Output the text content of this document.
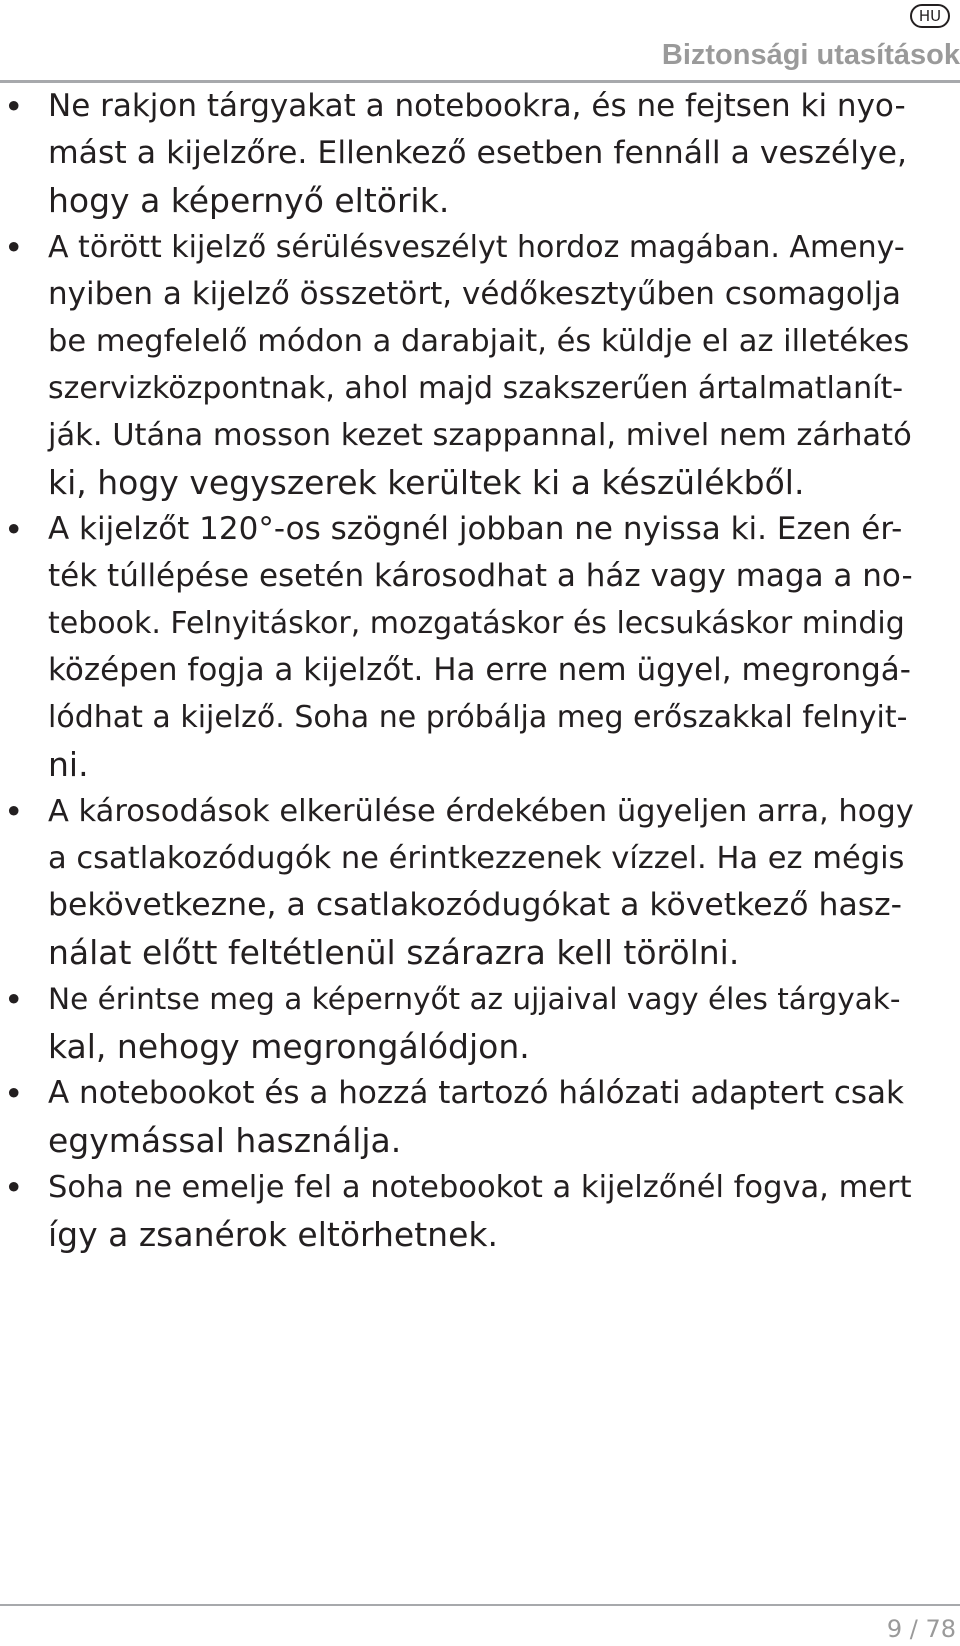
HU
Biztonsági utasítások
• Ne rakjon tárgyakat a notebookra, és ne fejtsen ki nyo-
mást a kijelzőre. Ellenkező esetben fennáll a veszélye,
hogy a képernyő eltörik.
• A törött kijelző sérülésveszélyt hordoz magában. Ameny-
nyiben a kijelző összetört, védőkesztyűben csomagolja
be megfelelő módon a darabjait, és küldje el az illetékes
szervizközpontnak, ahol majd szakszerűen ártalmatlanít-
ják. Utána mosson kezet szappannal, mivel nem zárható
ki, hogy vegyszerek kerültek ki a készülékből.
• A kijelzőt 120°-os szögnél jobban ne nyissa ki. Ezen ér-
ték túllépése esetén károsodhat a ház vagy maga a no-
tebook. Felnyitáskor, mozgatáskor és lecsukáskor mindig
középen fogja a kijelzőt. Ha erre nem ügyel, megrongá-
lódhat a kijelző. Soha ne próbálja meg erőszakkal felnyit-
ni.
• A károsodások elkerülése érdekében ügyeljen arra, hogy
a csatlakozódugók ne érintkezzenek vízzel. Ha ez mégis
bekövetkezne, a csatlakozódugókat a következő hasz-
nálat előtt feltétlenül szárazra kell törölni.
• Ne érintse meg a képernyőt az ujjaival vagy éles tárgyak-
kal, nehogy megrongálódjon.
• A notebookot és a hozzá tartozó hálózati adaptert csak
egymással használja.
• Soha ne emelje fel a notebookot a kijelzőnél fogva, mert
így a zsanérok eltörhetnek.
9 / 78
